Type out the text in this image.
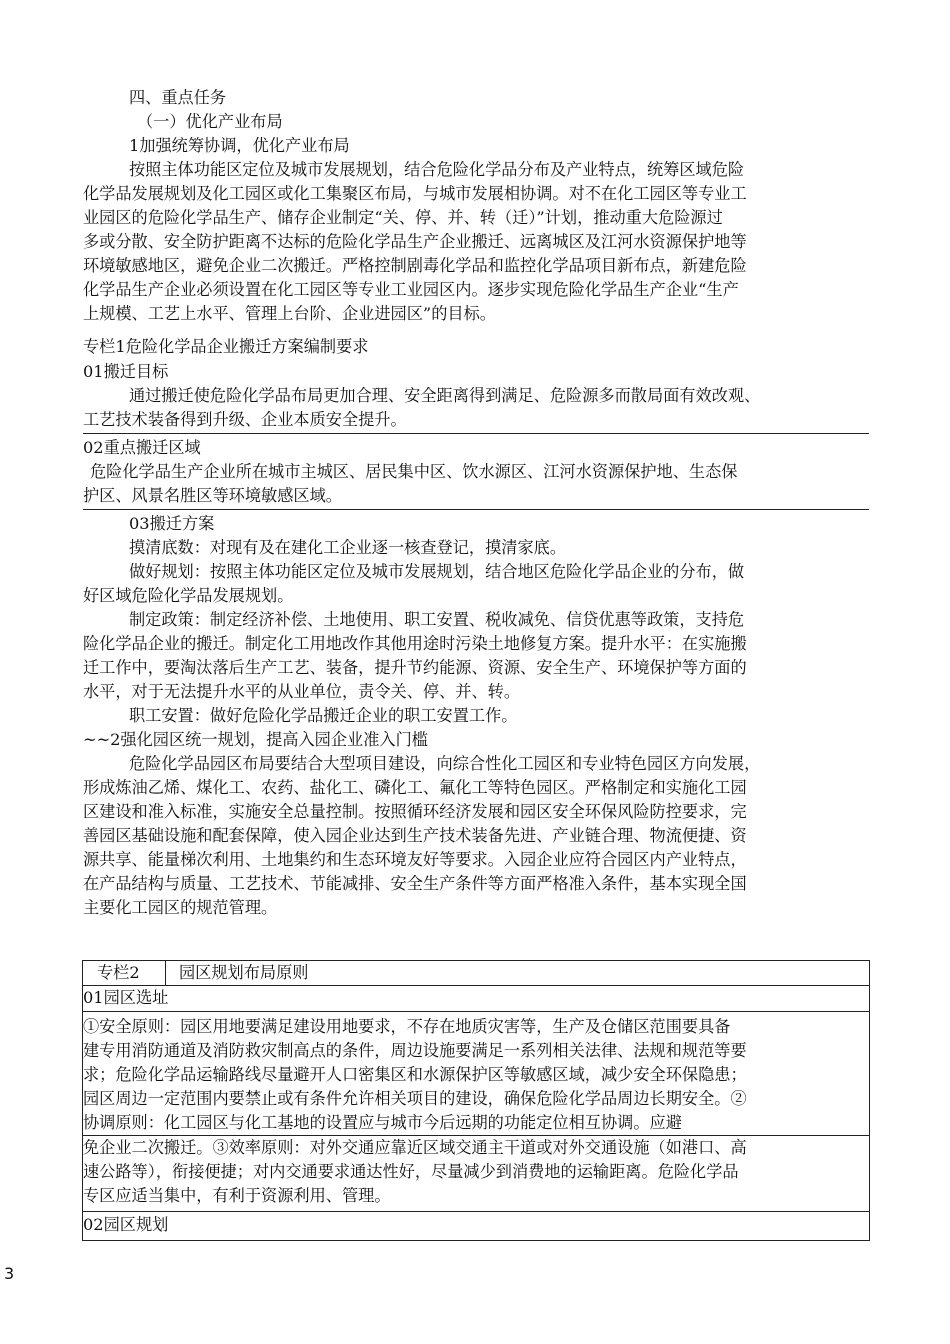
四、重点任务
（一）优化产业布局
1加强统筹协调，优化产业布局
按照主体功能区定位及城市发展规划，结合危险化学品分布及产业特点，统筹区域危险
化学品发展规划及化工园区或化工集聚区布局，与城市发展相协调。对不在化工园区等专业工
业园区的危险化学品生产、储存企业制定“关、停、并、转（迁）”计划，推动重大危险源过
多或分散、安全防护距离不达标的危险化学品生产企业搬迁、远离城区及江河水资源保护地等
环境敏感地区，避免企业二次搬迁。严格控制剧毒化学品和监控化学品项目新布点，新建危险
化学品生产企业必须设置在化工园区等专业工业园区内。逐步实现危险化学品生产企业“生产
上规模、工艺上水平、管理上台阶、企业进园区”的目标。
专栏1危险化学品企业搬迁方案编制要求
01搬迁目标
通过搬迁使危险化学品布局更加合理、安全距离得到满足、危险源多而散局面有效改观、
工艺技术装备得到升级、企业本质安全提升。
02重点搬迁区域
危险化学品生产企业所在城市主城区、居民集中区、饮水源区、江河水资源保护地、生态保
护区、风景名胜区等环境敏感区域。
03搬迁方案
摸清底数：对现有及在建化工企业逐一核查登记，摸清家底。
做好规划：按照主体功能区定位及城市发展规划，结合地区危险化学品企业的分布，做
好区域危险化学品发展规划。
制定政策：制定经济补偿、土地使用、职工安置、税收减免、信贷优惠等政策，支持危
险化学品企业的搬迁。制定化工用地改作其他用途时污染土地修复方案。提升水平：在实施搬
迁工作中，要淘汰落后生产工艺、装备，提升节约能源、资源、安全生产、环境保护等方面的
水平，对于无法提升水平的从业单位，责令关、停、并、转。
职工安置：做好危险化学品搬迁企业的职工安置工作。
~~2强化园区统一规划，提高入园企业准入门槛
危险化学品园区布局要结合大型项目建设，向综合性化工园区和专业特色园区方向发展，
形成炼油乙烯、煤化工、农药、盐化工、磷化工、氟化工等特色园区。严格制定和实施化工园
区建设和准入标准，实施安全总量控制。按照循环经济发展和园区安全环保风险防控要求，完
善园区基础设施和配套保障，使入园企业达到生产技术装备先进、产业链合理、物流便捷、资
源共享、能量梯次利用、土地集约和生态环境友好等要求。入园企业应符合园区内产业特点，
在产品结构与质量、工艺技术、节能减排、安全生产条件等方面严格准入条件，基本实现全国
主要化工园区的规范管理。
专栏2	园区规划布局原则
01园区选址
①安全原则：园区用地要满足建设用地要求，不存在地质灾害等，生产及仓储区范围要具备
建专用消防通道及消防救灾制高点的条件，周边设施要满足一系列相关法律、法规和规范等要
求；危险化学品运输路线尽量避开人口密集区和水源保护区等敏感区域，减少安全环保隐患；
园区周边一定范围内要禁止或有条件允许相关项目的建设，确保危险化学品周边长期安全。②
协调原则：化工园区与化工基地的设置应与城市今后远期的功能定位相互协调。应避
免企业二次搬迁。③效率原则：对外交通应靠近区域交通主干道或对外交通设施（如港口、高
速公路等），衔接便捷；对内交通要求通达性好，尽量减少到消费地的运输距离。危险化学品
专区应适当集中，有利于资源利用、管理。
02园区规划
3
